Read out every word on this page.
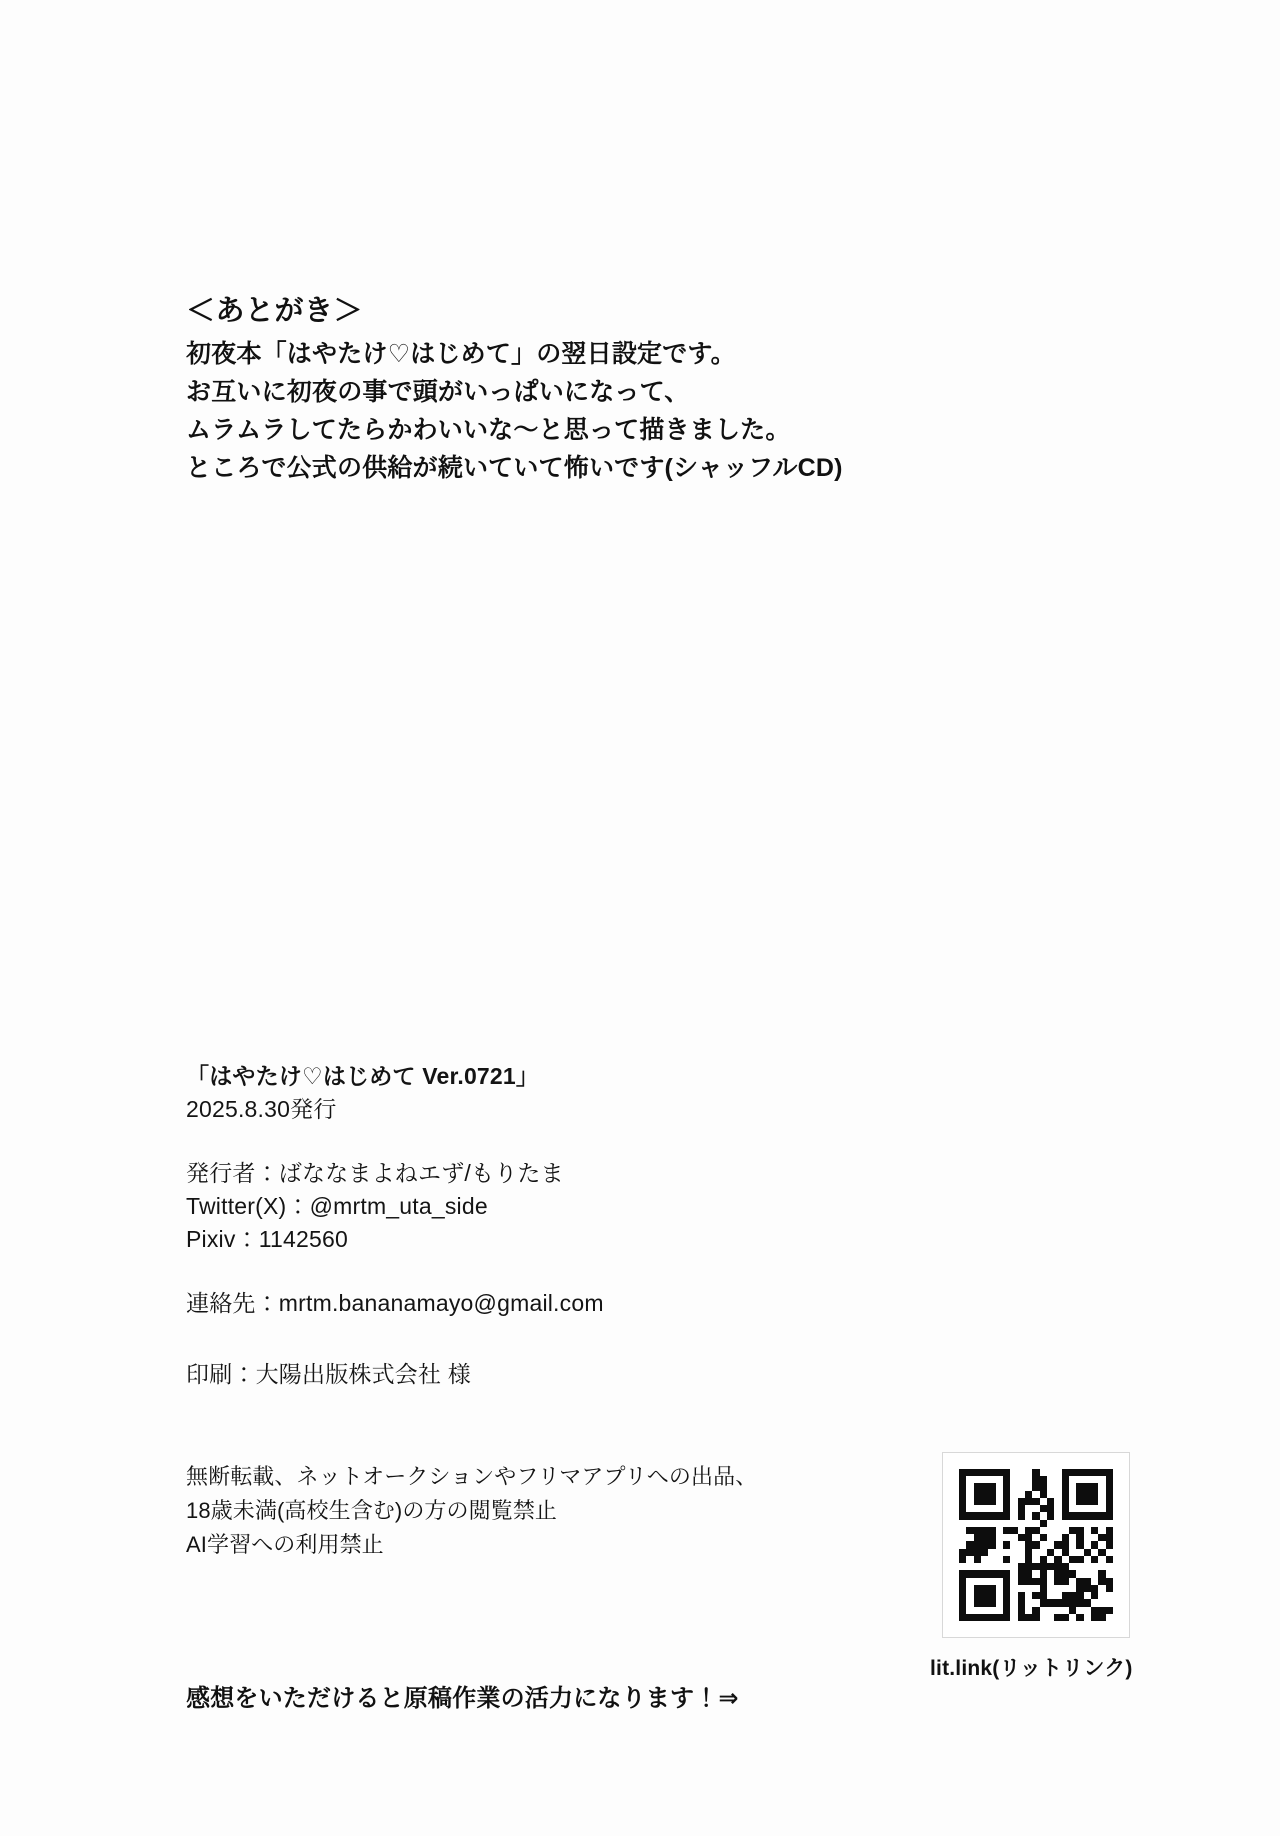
＜あとがき＞

初夜本「はやたけ♡はじめて」の翌日設定です。

お互いに初夜の事で頭がいっぱいになって、

ムラムラしてたらかわいいな～と思って描きました。

ところで公式の供給が続いていて怖いです(シャッフルCD)

「はやたけ♡はじめて Ver.0721」

2025.8.30発行

発行者：ばななまよねエず/もりたま

Twitter(X)：@mrtm_uta_side

Pixiv：1142560

連絡先：mrtm.bananamayo@gmail.com

印刷：大陽出版株式会社 様

無断転載、ネットオークションやフリマアプリへの出品、

18歳未満(高校生含む)の方の閲覧禁止

AI学習への利用禁止

感想をいただけると原稿作業の活力になります！⇒

lit.link(リットリンク)
